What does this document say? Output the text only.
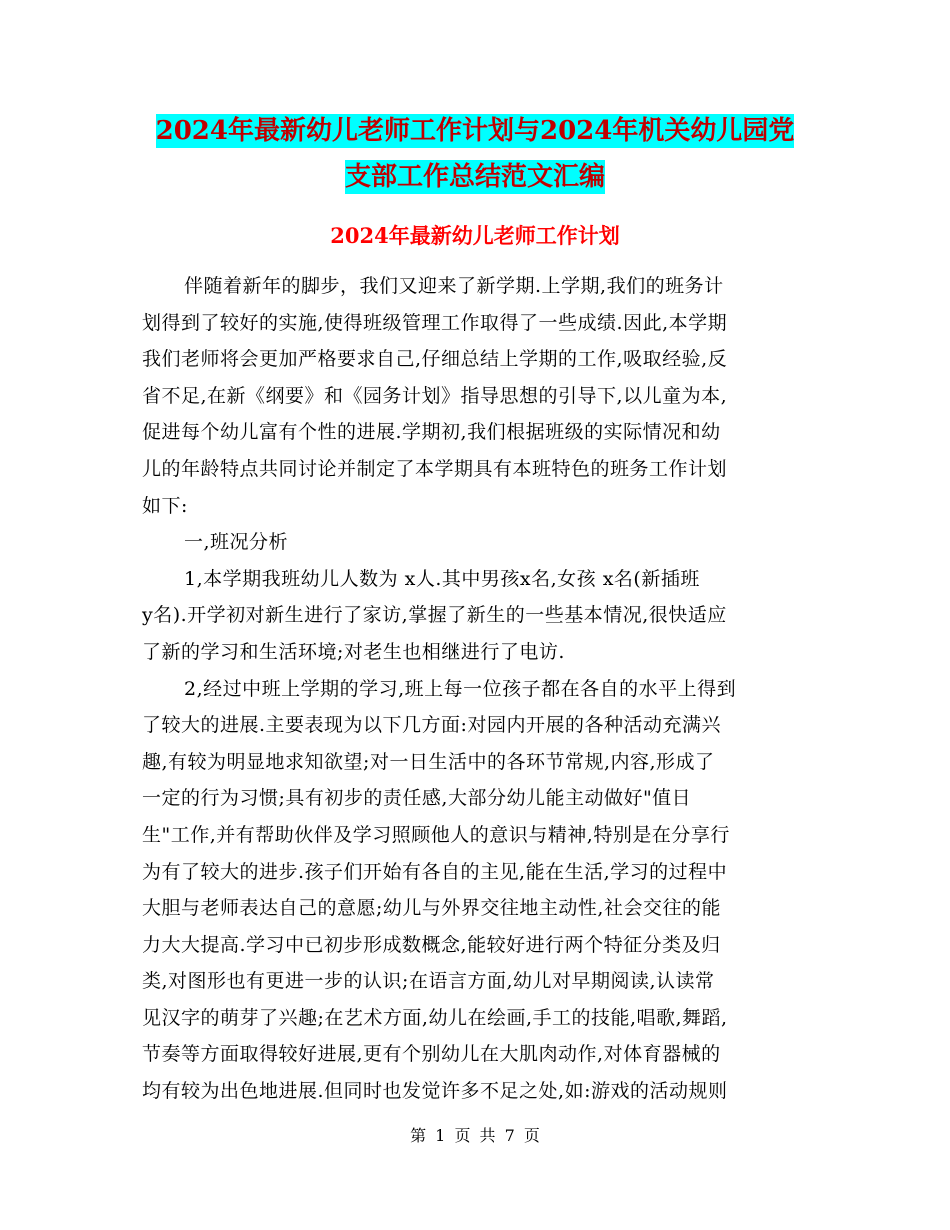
2024年最新幼儿老师工作计划与2024年机关幼儿园党
支部工作总结范文汇编
2024年最新幼儿老师工作计划
伴随着新年的脚步，我们又迎来了新学期.上学期,我们的班务计
划得到了较好的实施,使得班级管理工作取得了一些成绩.因此,本学期
我们老师将会更加严格要求自己,仔细总结上学期的工作,吸取经验,反
省不足,在新《纲要》和《园务计划》指导思想的引导下,以儿童为本,
促进每个幼儿富有个性的进展.学期初,我们根据班级的实际情况和幼
儿的年龄特点共同讨论并制定了本学期具有本班特色的班务工作计划
如下:
一,班况分析
1,本学期我班幼儿人数为 x人.其中男孩x名,女孩 x名(新插班
y名).开学初对新生进行了家访,掌握了新生的一些基本情况,很快适应
了新的学习和生活环境;对老生也相继进行了电访.
2,经过中班上学期的学习,班上每一位孩子都在各自的水平上得到
了较大的进展.主要表现为以下几方面:对园内开展的各种活动充满兴
趣,有较为明显地求知欲望;对一日生活中的各环节常规,内容,形成了
一定的行为习惯;具有初步的责任感,大部分幼儿能主动做好"值日
生"工作,并有帮助伙伴及学习照顾他人的意识与精神,特别是在分享行
为有了较大的进步.孩子们开始有各自的主见,能在生活,学习的过程中
大胆与老师表达自己的意愿;幼儿与外界交往地主动性,社会交往的能
力大大提高.学习中已初步形成数概念,能较好进行两个特征分类及归
类,对图形也有更进一步的认识;在语言方面,幼儿对早期阅读,认读常
见汉字的萌芽了兴趣;在艺术方面,幼儿在绘画,手工的技能,唱歌,舞蹈,
节奏等方面取得较好进展,更有个别幼儿在大肌肉动作,对体育器械的
均有较为出色地进展.但同时也发觉许多不足之处,如:游戏的活动规则
第 1 页 共 7 页
